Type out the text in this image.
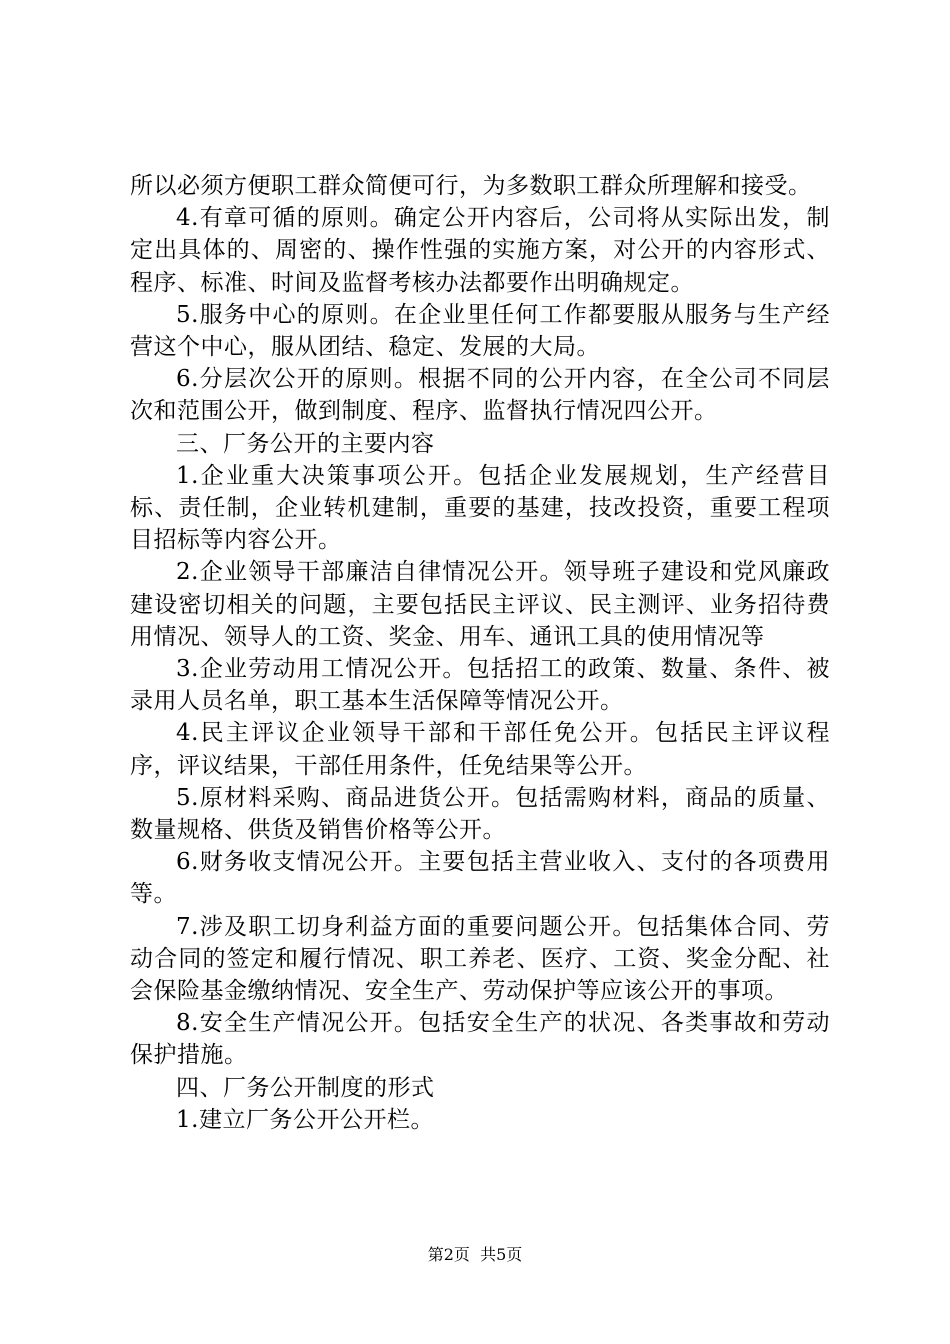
所以必须方便职工群众简便可行，为多数职工群众所理解和接受。

4.有章可循的原则。确定公开内容后，公司将从实际出发，制定出具体的、周密的、操作性强的实施方案，对公开的内容形式、程序、标准、时间及监督考核办法都要作出明确规定。

5.服务中心的原则。在企业里任何工作都要服从服务与生产经营这个中心，服从团结、稳定、发展的大局。

6.分层次公开的原则。根据不同的公开内容，在全公司不同层次和范围公开，做到制度、程序、监督执行情况四公开。

三、厂务公开的主要内容

1.企业重大决策事项公开。包括企业发展规划，生产经营目标、责任制，企业转机建制，重要的基建，技改投资，重要工程项目招标等内容公开。

2.企业领导干部廉洁自律情况公开。领导班子建设和党风廉政建设密切相关的问题，主要包括民主评议、民主测评、业务招待费用情况、领导人的工资、奖金、用车、通讯工具的使用情况等

3.企业劳动用工情况公开。包括招工的政策、数量、条件、被录用人员名单，职工基本生活保障等情况公开。

4.民主评议企业领导干部和干部任免公开。包括民主评议程序，评议结果，干部任用条件，任免结果等公开。

5.原材料采购、商品进货公开。包括需购材料，商品的质量、数量规格、供货及销售价格等公开。

6.财务收支情况公开。主要包括主营业收入、支付的各项费用等。

7.涉及职工切身利益方面的重要问题公开。包括集体合同、劳动合同的签定和履行情况、职工养老、医疗、工资、奖金分配、社会保险基金缴纳情况、安全生产、劳动保护等应该公开的事项。

8.安全生产情况公开。包括安全生产的状况、各类事故和劳动保护措施。

四、厂务公开制度的形式

1.建立厂务公开公开栏。

第2页 共5页
